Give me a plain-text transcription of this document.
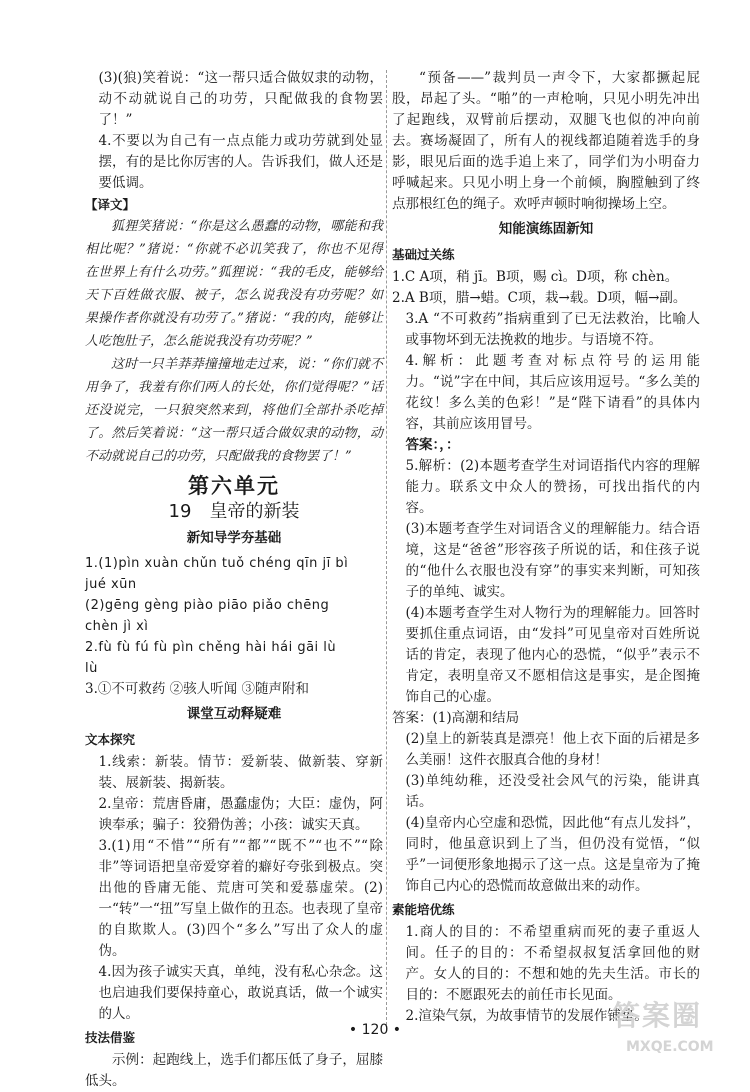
(3)(狼)笑着说：“这一帮只适合做奴隶的动物，动不动就说自己的功劳，只配做我的食物罢了！”

4.不要以为自己有一点点能力或功劳就到处显摆，有的是比你厉害的人。告诉我们，做人还是要低调。

【译文】

狐狸笑猪说：“你是这么愚蠢的动物，哪能和我相比呢？”猪说：“你就不必讥笑我了，你也不见得在世界上有什么功劳。”狐狸说：“我的毛皮，能够给天下百姓做衣服、被子，怎么说我没有功劳呢？如果操作者你就没有功劳了。”猪说：“我的肉，能够让人吃饱肚子，怎么能说我没有功劳呢？”

这时一只羊莽莽撞撞地走过来，说：“你们就不用争了，我羞有你们两人的长处，你们觉得呢？”话还没说完，一只狼突然来到，将他们全部扑杀吃掉了。然后笑着说：“这一帮只适合做奴隶的动物，动不动就说自己的功劳，只配做我的食物罢了！”

第六单元
19 皇帝的新装
新知导学夯基础

1.(1)pìn xuàn chǔn tuǒ chéng qīn jī bì

jué xūn

(2)gēng gèng piào piāo piǎo chēng

chèn jì xì

2.fù fù fú fù pìn chěng hài hái gāi lù

lù

3.①不可救药 ②骇人听闻 ③随声附和

课堂互动释疑难

文本探究

1.线索：新装。情节：爱新装、做新装、穿新装、展新装、揭新装。

2.皇帝：荒唐昏庸，愚蠢虚伪；大臣：虚伪，阿谀奉承；骗子：狡猾伪善；小孩：诚实天真。

3.(1)用“不惜”“所有”“都”“既不”“也不”“除非”等词语把皇帝爱穿着的癖好夸张到极点。突出他的昏庸无能、荒唐可笑和爱慕虚荣。(2)一“转”一“扭”写皇上做作的丑态。也表现了皇帝的自欺欺人。(3)四个“多么”写出了众人的虚伪。

4.因为孩子诚实天真，单纯，没有私心杂念。这也启迪我们要保持童心，敢说真话，做一个诚实的人。

技法借鉴

示例：起跑线上，选手们都压低了身子，屈膝低头。

“预备——”裁判员一声令下，大家都撅起屁股，昂起了头。“啪”的一声枪响，只见小明先冲出了起跑线，双臂前后摆动，双腿飞也似的冲向前去。赛场凝固了，所有人的视线都追随着选手的身影，眼见后面的选手追上来了，同学们为小明奋力呼喊起来。只见小明上身一个前倾，胸膛触到了终点那根红色的绳子。欢呼声顿时响彻操场上空。

知能演练固新知

基础过关练

1.C A项，稍 jī。B项，赐 cì。D项，称 chèn。

2.A B项，腊→蜡。C项，栽→载。D项，幅→副。

3.A “不可救药”指病重到了已无法救治，比喻人或事物坏到无法挽救的地步。与语境不符。

4.解析：此题考查对标点符号的运用能力。“说”字在中间，其后应该用逗号。“多么美的花纹！多么美的色彩！”是“陛下请看”的具体内容，其前应该用冒号。

答案：，：

5.解析：(2)本题考查学生对词语指代内容的理解能力。联系文中众人的赞扬，可找出指代的内容。

(3)本题考查学生对词语含义的理解能力。结合语境，这是“爸爸”形容孩子所说的话，和住孩子说的“他什么衣服也没有穿”的事实来判断，可知孩子的单纯、诚实。

(4)本题考查学生对人物行为的理解能力。回答时要抓住重点词语，由“发抖”可见皇帝对百姓所说话的肯定，表现了他内心的恐慌，“似乎”表示不肯定，表明皇帝又不愿相信这是事实，是企图掩饰自己的心虚。

答案：(1)高潮和结局

(2)皇上的新装真是漂亮！他上衣下面的后裙是多么美丽！这件衣服真合他的身材！

(3)单纯幼稚，还没受社会风气的污染，能讲真话。

(4)皇帝内心空虚和恐慌，因此他“有点儿发抖”，同时，他虽意识到上了当，但仍没有觉悟，“似乎”一词便形象地揭示了这一点。这是皇帝为了掩饰自己内心的恐慌而故意做出来的动作。

素能培优练

1.商人的目的：不希望重病而死的妻子重返人间。任子的目的：不希望叔叔复活拿回他的财产。女人的目的：不想和她的先夫生活。市长的目的：不愿跟死去的前任市长见面。

2.渲染气氛，为故事情节的发展作铺垫。

• 120 •	答案圈
MXQE.COM
